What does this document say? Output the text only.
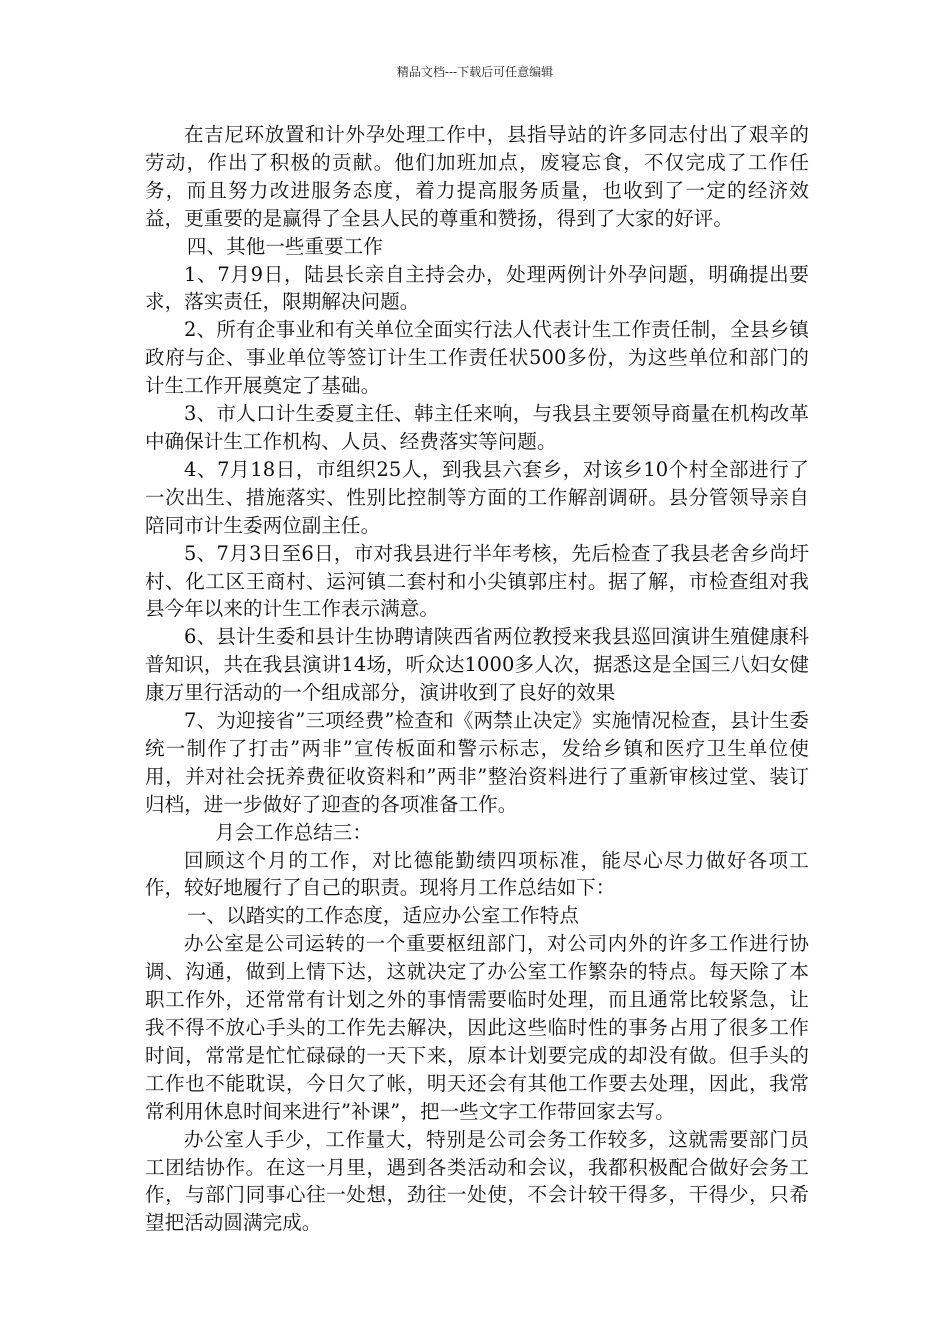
精品文档---下载后可任意编辑

在吉尼环放置和计外孕处理工作中，县指导站的许多同志付出了艰辛的劳动，作出了积极的贡献。他们加班加点，废寝忘食，不仅完成了工作任务，而且努力改进服务态度，着力提高服务质量，也收到了一定的经济效益，更重要的是赢得了全县人民的尊重和赞扬，得到了大家的好评。

四、其他一些重要工作

1、7月9日，陆县长亲自主持会办，处理两例计外孕问题，明确提出要求，落实责任，限期解决问题。

2、所有企事业和有关单位全面实行法人代表计生工作责任制，全县乡镇政府与企、事业单位等签订计生工作责任状500多份，为这些单位和部门的计生工作开展奠定了基础。

3、市人口计生委夏主任、韩主任来响，与我县主要领导商量在机构改革中确保计生工作机构、人员、经费落实等问题。

4、7月18日，市组织25人，到我县六套乡，对该乡10个村全部进行了一次出生、措施落实、性别比控制等方面的工作解剖调研。县分管领导亲自陪同市计生委两位副主任。

5、7月3日至6日，市对我县进行半年考核，先后检查了我县老舍乡尚圩村、化工区王商村、运河镇二套村和小尖镇郭庄村。据了解，市检查组对我县今年以来的计生工作表示满意。

6、县计生委和县计生协聘请陕西省两位教授来我县巡回演讲生殖健康科普知识，共在我县演讲14场，听众达1000多人次，据悉这是全国三八妇女健康万里行活动的一个组成部分，演讲收到了良好的效果

7、为迎接省”三项经费”检查和《两禁止决定》实施情况检查，县计生委统一制作了打击”两非”宣传板面和警示标志，发给乡镇和医疗卫生单位使用，并对社会抚养费征收资料和”两非”整治资料进行了重新审核过堂、装订归档，进一步做好了迎查的各项准备工作。

月会工作总结三：

回顾这个月的工作，对比德能勤绩四项标准，能尽心尽力做好各项工作，较好地履行了自己的职责。现将月工作总结如下：

一、以踏实的工作态度，适应办公室工作特点

办公室是公司运转的一个重要枢纽部门，对公司内外的许多工作进行协调、沟通，做到上情下达，这就决定了办公室工作繁杂的特点。每天除了本职工作外，还常常有计划之外的事情需要临时处理，而且通常比较紧急，让我不得不放心手头的工作先去解决，因此这些临时性的事务占用了很多工作时间，常常是忙忙碌碌的一天下来，原本计划要完成的却没有做。但手头的工作也不能耽误，今日欠了帐，明天还会有其他工作要去处理，因此，我常常利用休息时间来进行”补课”，把一些文字工作带回家去写。

办公室人手少，工作量大，特别是公司会务工作较多，这就需要部门员工团结协作。在这一月里，遇到各类活动和会议，我都积极配合做好会务工作，与部门同事心往一处想，劲往一处使，不会计较干得多，干得少，只希望把活动圆满完成。
